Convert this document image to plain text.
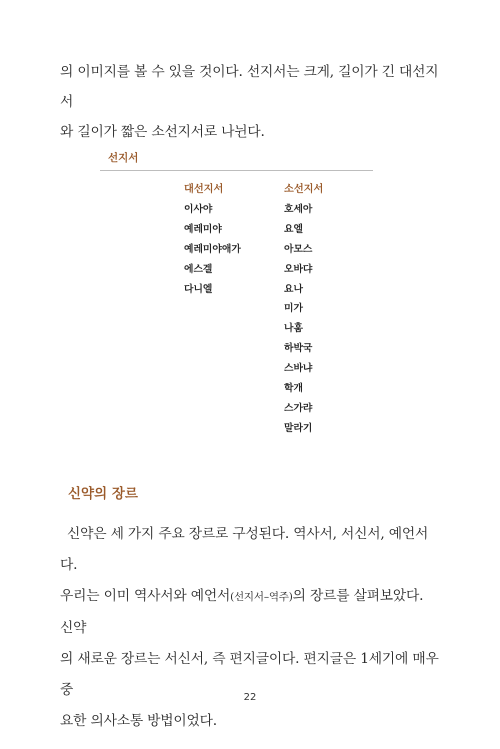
의 이미지를 볼 수 있을 것이다. 선지서는 크게, 길이가 긴 대선지서

와 길이가 짧은 소선지서로 나뉜다.

선지서
대선지서
이사야
예레미야
예레미야애가
에스겔
다니엘
소선지서
호세아
요엘
아모스
오바댜
요나
미가
나훔
하박국
스바냐
학개
스가랴
말라기
신약의 장르

신약은 세 가지 주요 장르로 구성된다. 역사서, 서신서, 예언서다.

우리는 이미 역사서와 예언서(선지서–역주)의 장르를 살펴보았다. 신약

의 새로운 장르는 서신서, 즉 편지글이다. 편지글은 1세기에 매우 중

요한 의사소통 방법이었다.

22
